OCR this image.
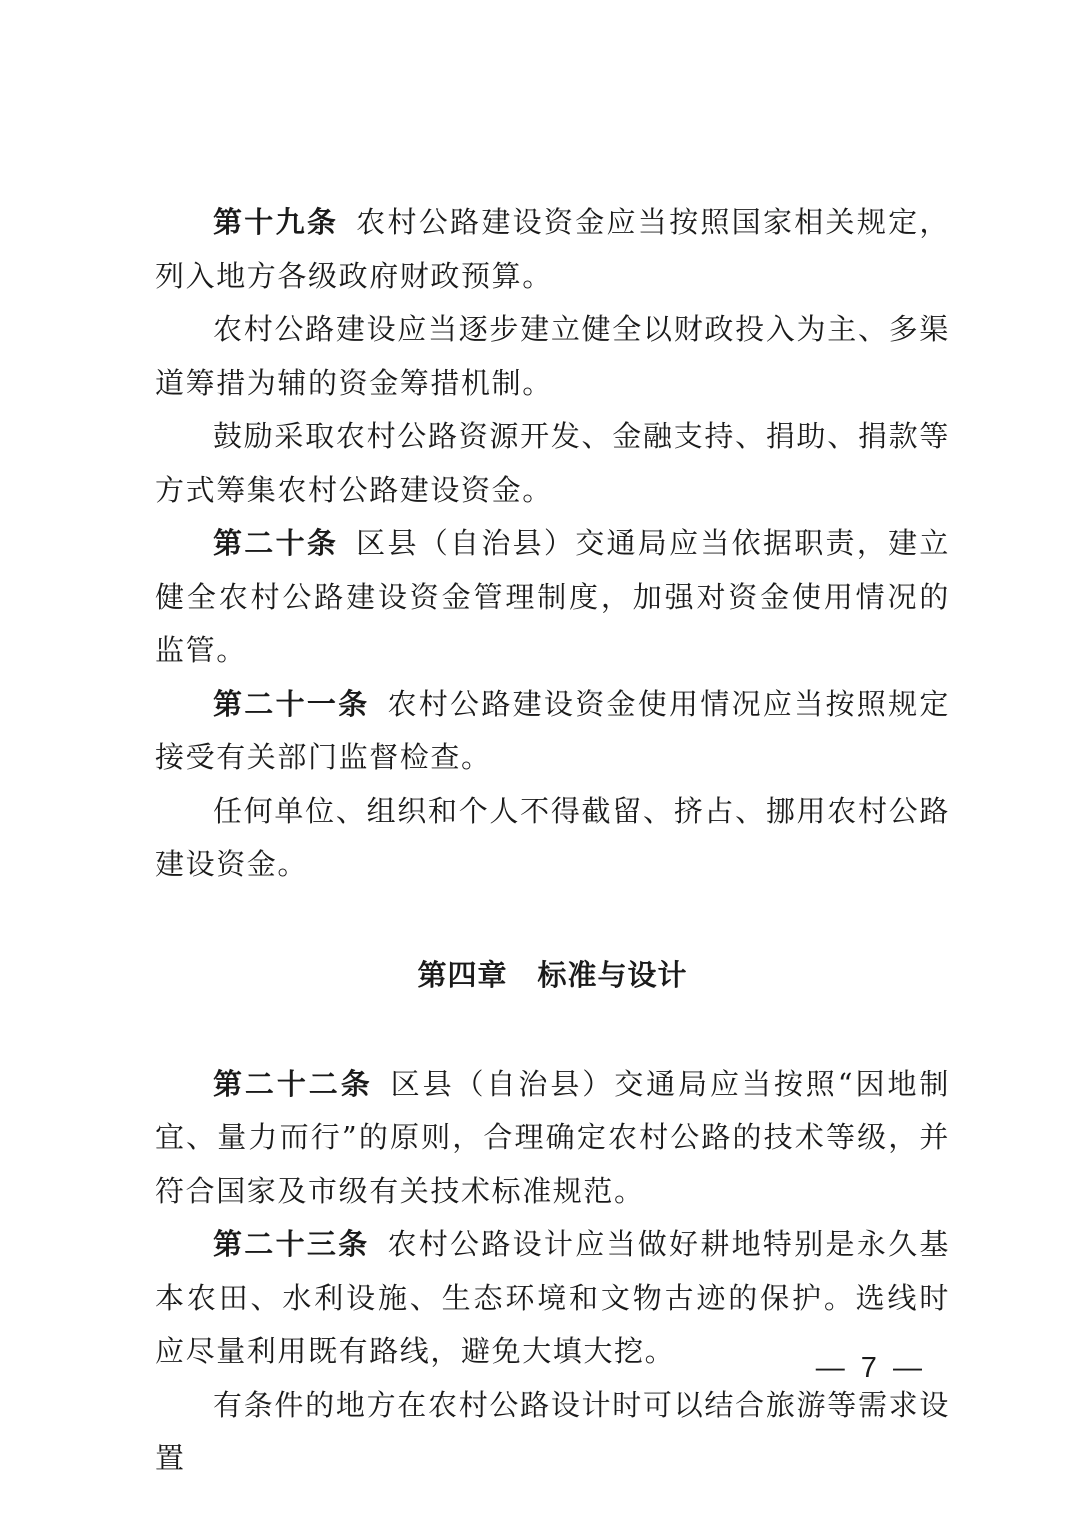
第十九条 农村公路建设资金应当按照国家相关规定，列入地方各级政府财政预算。

农村公路建设应当逐步建立健全以财政投入为主、多渠道筹措为辅的资金筹措机制。

鼓励采取农村公路资源开发、金融支持、捐助、捐款等方式筹集农村公路建设资金。

第二十条 区县（自治县）交通局应当依据职责，建立健全农村公路建设资金管理制度，加强对资金使用情况的监管。

第二十一条 农村公路建设资金使用情况应当按照规定接受有关部门监督检查。

任何单位、组织和个人不得截留、挤占、挪用农村公路建设资金。

第四章 标准与设计

第二十二条 区县（自治县）交通局应当按照“因地制宜、量力而行”的原则，合理确定农村公路的技术等级，并符合国家及市级有关技术标准规范。

第二十三条 农村公路设计应当做好耕地特别是永久基本农田、水利设施、生态环境和文物古迹的保护。选线时应尽量利用既有路线，避免大填大挖。

有条件的地方在农村公路设计时可以结合旅游等需求设置

— 7 —
